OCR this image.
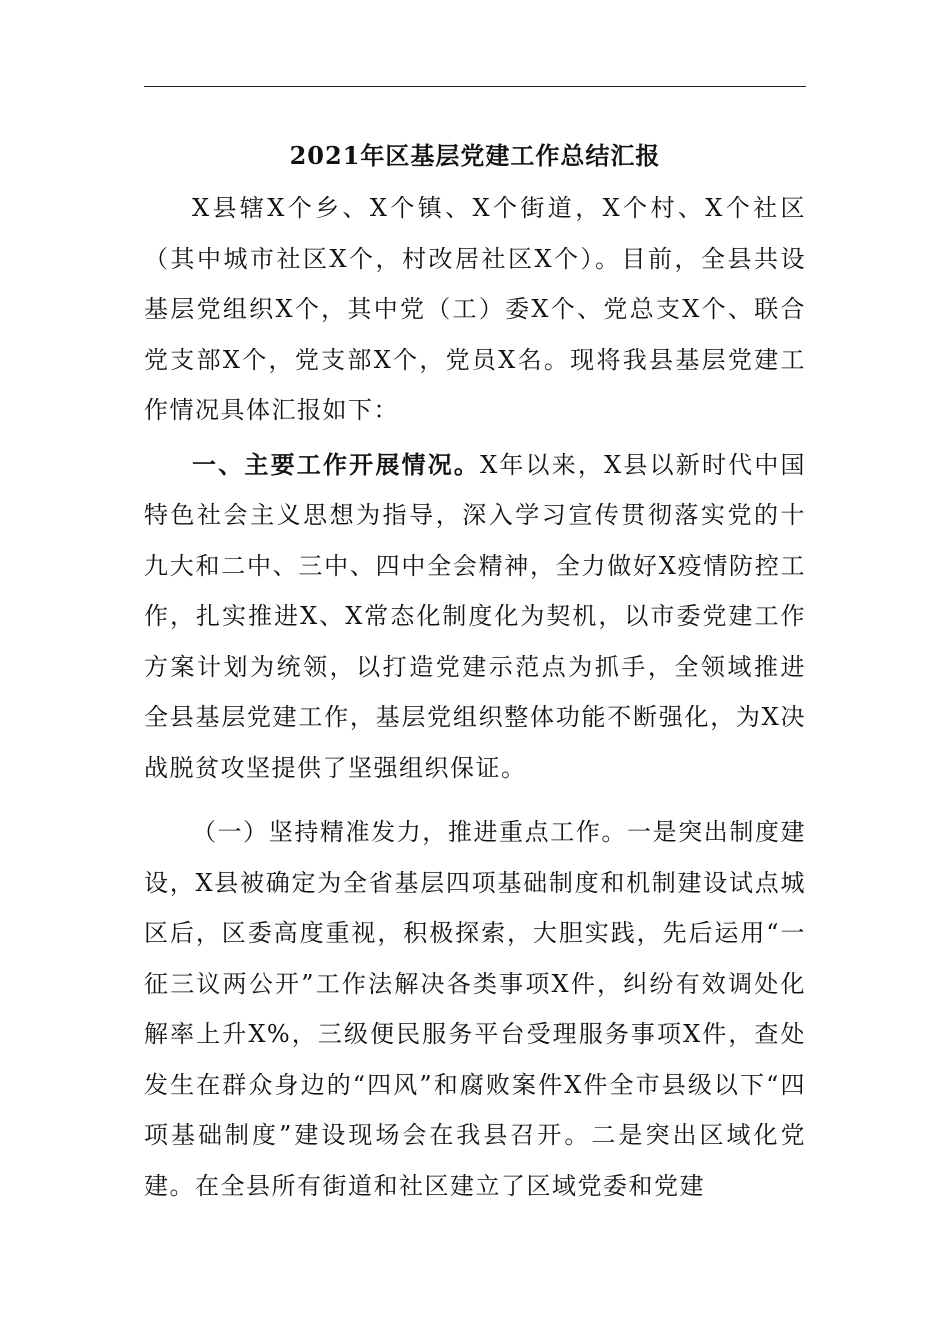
2021年区基层党建工作总结汇报

X县辖X个乡、X个镇、X个街道，X个村、X个社区（其中城市社区X个，村改居社区X个）。目前，全县共设基层党组织X个，其中党（工）委X个、党总支X个、联合党支部X个，党支部X个，党员X名。现将我县基层党建工作情况具体汇报如下：

一、主要工作开展情况。X年以来，X县以新时代中国特色社会主义思想为指导，深入学习宣传贯彻落实党的十九大和二中、三中、四中全会精神，全力做好X疫情防控工作，扎实推进X、X常态化制度化为契机，以市委党建工作方案计划为统领，以打造党建示范点为抓手，全领域推进全县基层党建工作，基层党组织整体功能不断强化，为X决战脱贫攻坚提供了坚强组织保证。

（一）坚持精准发力，推进重点工作。一是突出制度建设，X县被确定为全省基层四项基础制度和机制建设试点城区后，区委高度重视，积极探索，大胆实践，先后运用“一征三议两公开”工作法解决各类事项X件，纠纷有效调处化解率上升X%，三级便民服务平台受理服务事项X件，查处发生在群众身边的“四风”和腐败案件X件全市县级以下“四项基础制度”建设现场会在我县召开。二是突出区域化党建。在全县所有街道和社区建立了区域党委和党建
